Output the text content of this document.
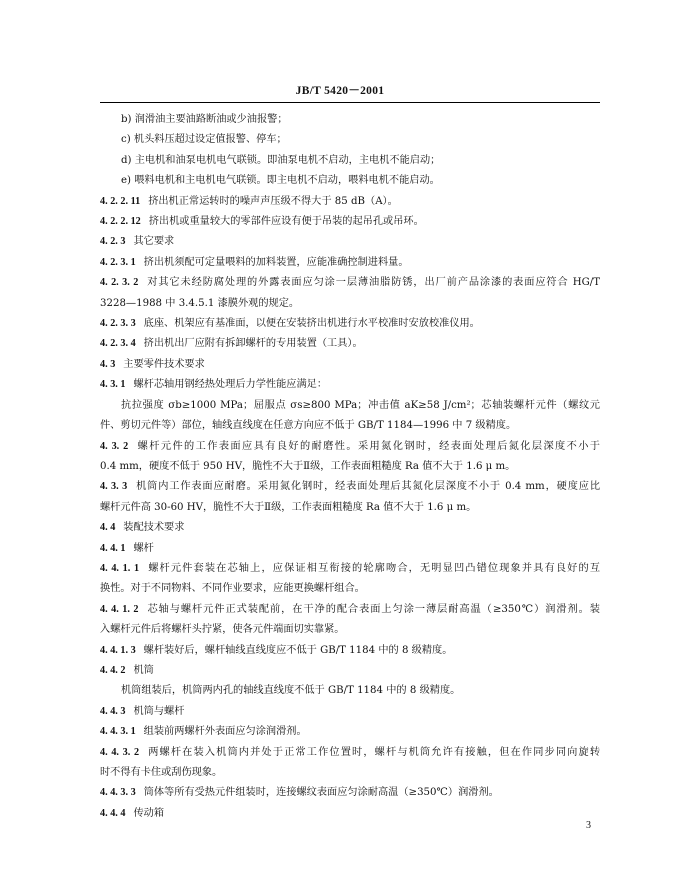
JB/T 5420－2001
b) 润滑油主要油路断油或少油报警；
c) 机头料压超过设定值报警、停车；
d) 主电机和油泵电机电气联锁。即油泵电机不启动，主电机不能启动；
e) 喂料电机和主电机电气联锁。即主电机不启动，喂料电机不能启动。
4. 2. 2. 11 挤出机正常运转时的噪声声压级不得大于 85 dB（A）。
4. 2. 2. 12 挤出机或重量较大的零部件应设有便于吊装的起吊孔或吊环。
4. 2. 3 其它要求
4. 2. 3. 1 挤出机须配可定量喂料的加料装置，应能准确控制进料量。
4. 2. 3. 2 对其它未经防腐处理的外露表面应匀涂一层薄油脂防锈，出厂前产品涂漆的表面应符合 HG/T
3228—1988 中 3.4.5.1 漆膜外观的规定。
4. 2. 3. 3 底座、机架应有基准面，以便在安装挤出机进行水平校准时安放校准仪用。
4. 2. 3. 4 挤出机出厂应附有拆卸螺杆的专用装置（工具）。
4. 3 主要零件技术要求
4. 3. 1 螺杆芯轴用钢经热处理后力学性能应满足：
抗拉强度 σb≥1000 MPa；屈服点 σs≥800 MPa；冲击值 aK≥58 J/cm²；芯轴装螺杆元件（螺纹元
件、剪切元件等）部位，轴线直线度在任意方向应不低于 GB/T 1184—1996 中 7 级精度。
4. 3. 2 螺杆元件的工作表面应具有良好的耐磨性。采用氮化钢时，经表面处理后氮化层深度不小于
0.4 mm，硬度不低于 950 HV，脆性不大于Ⅱ级，工作表面粗糙度 Ra 值不大于 1.6 μ m。
4. 3. 3 机筒内工作表面应耐磨。采用氮化钢时，经表面处理后其氮化层深度不小于 0.4 mm，硬度应比
螺杆元件高 30-60 HV，脆性不大于Ⅱ级，工作表面粗糙度 Ra 值不大于 1.6 μ m。
4. 4 装配技术要求
4. 4. 1 螺杆
4. 4. 1. 1 螺杆元件套装在芯轴上，应保证相互衔接的轮廓吻合，无明显凹凸错位现象并具有良好的互
换性。对于不同物料、不同作业要求，应能更换螺杆组合。
4. 4. 1. 2 芯轴与螺杆元件正式装配前，在干净的配合表面上匀涂一薄层耐高温（≥350℃）润滑剂。装
入螺杆元件后将螺杆头拧紧，使各元件端面切实靠紧。
4. 4. 1. 3 螺杆装好后，螺杆轴线直线度应不低于 GB/T 1184 中的 8 级精度。
4. 4. 2 机筒
机筒组装后，机筒两内孔的轴线直线度不低于 GB/T 1184 中的 8 级精度。
4. 4. 3 机筒与螺杆
4. 4. 3. 1 组装前两螺杆外表面应匀涂润滑剂。
4. 4. 3. 2 两螺杆在装入机筒内并处于正常工作位置时，螺杆与机筒允许有接触，但在作同步同向旋转
时不得有卡住或刮伤现象。
4. 4. 3. 3 筒体等所有受热元件组装时，连接螺纹表面应匀涂耐高温（≥350℃）润滑剂。
4. 4. 4 传动箱
3
